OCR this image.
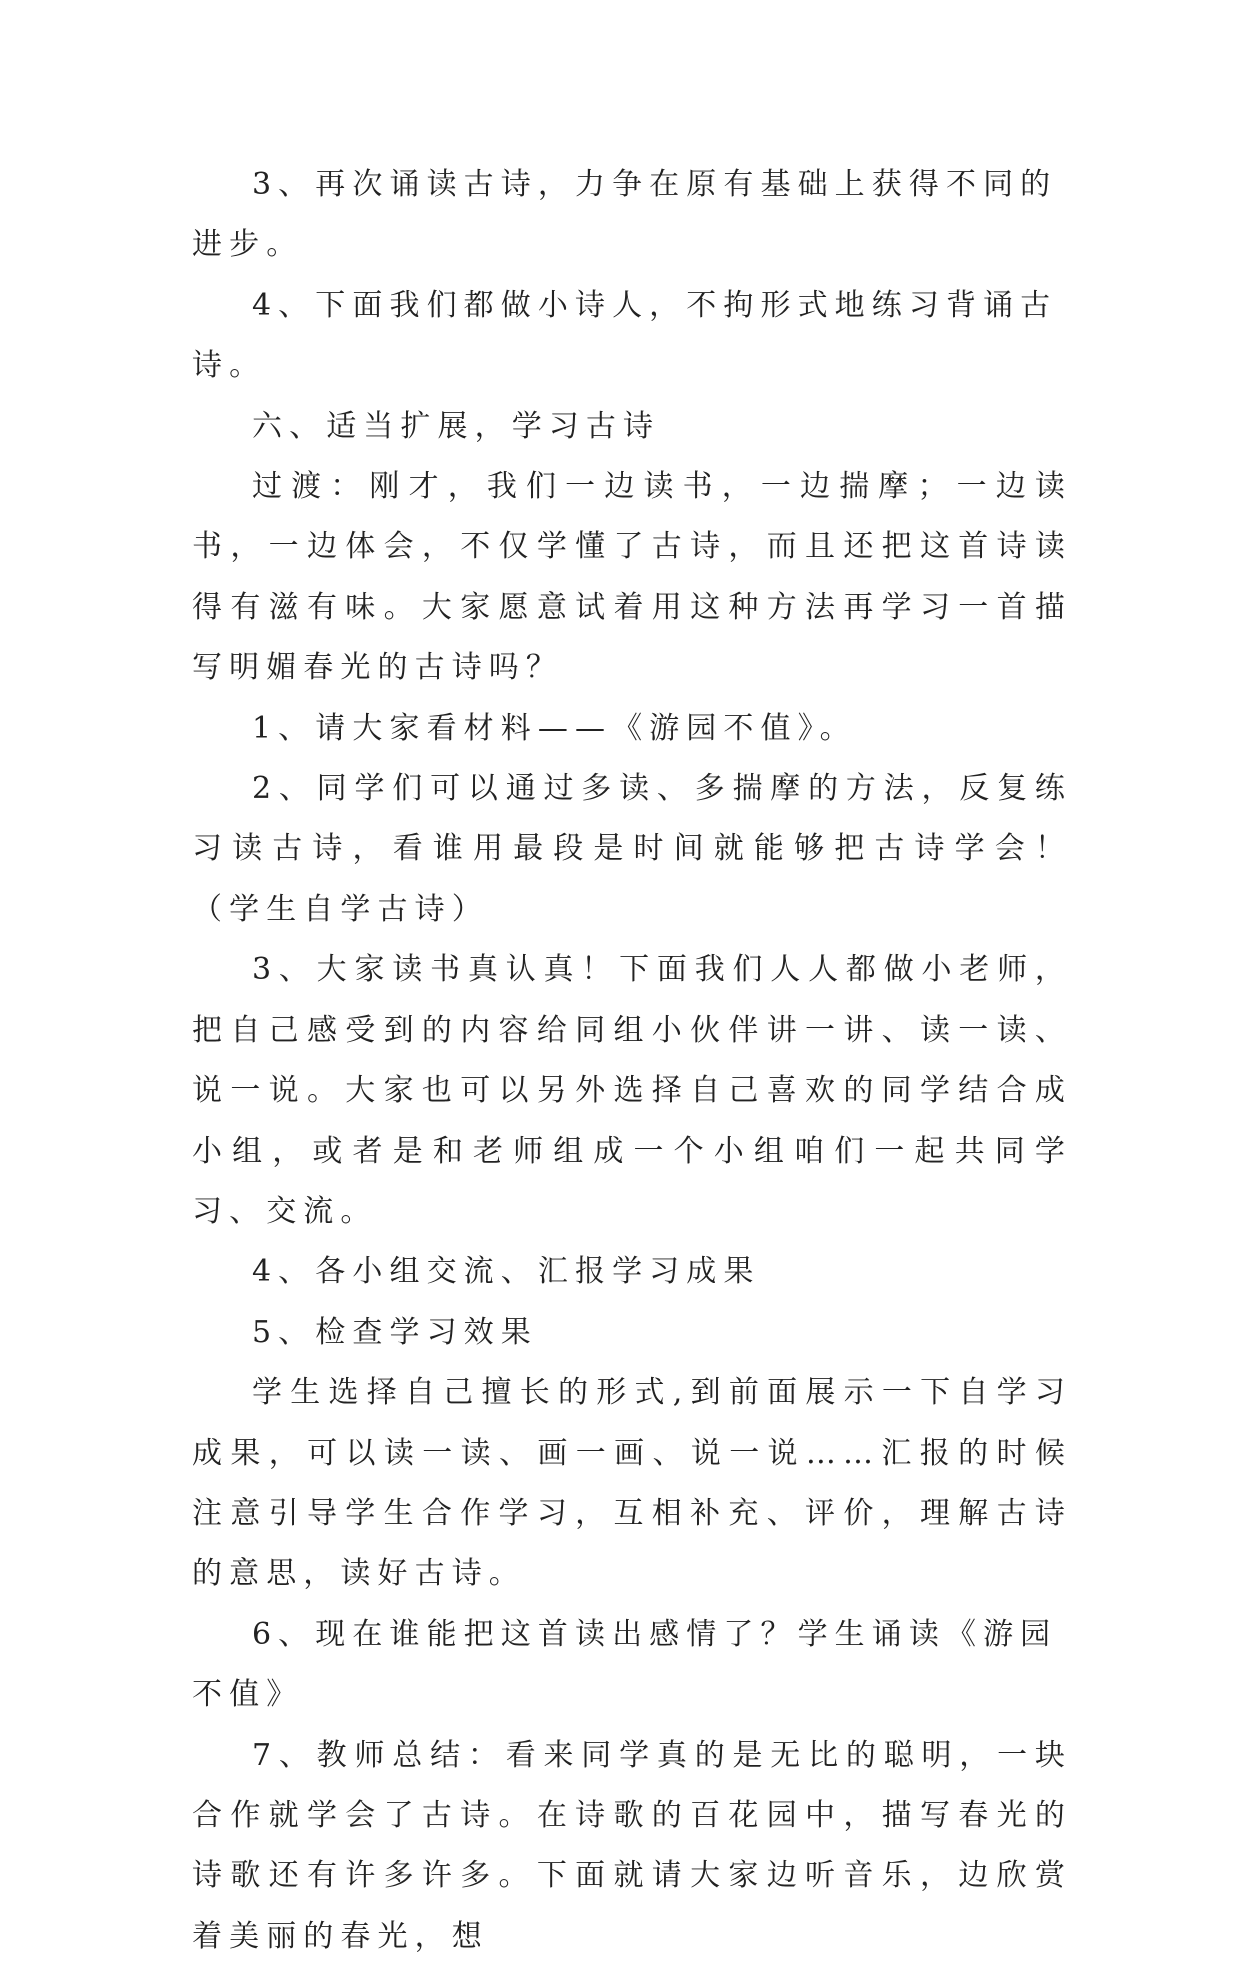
3、再次诵读古诗，力争在原有基础上获得不同的进步。

4、下面我们都做小诗人，不拘形式地练习背诵古诗。

六、适当扩展，学习古诗

过渡：刚才，我们一边读书，一边揣摩；一边读书，一边体会，不仅学懂了古诗，而且还把这首诗读得有滋有味。大家愿意试着用这种方法再学习一首描写明媚春光的古诗吗？

1、请大家看材料——《游园不值》。

2、同学们可以通过多读、多揣摩的方法，反复练习读古诗，看谁用最段是时间就能够把古诗学会！（学生自学古诗）

3、大家读书真认真！下面我们人人都做小老师，把自己感受到的内容给同组小伙伴讲一讲、读一读、说一说。大家也可以另外选择自己喜欢的同学结合成小组，或者是和老师组成一个小组咱们一起共同学习、交流。

4、各小组交流、汇报学习成果

5、检查学习效果

学生选择自己擅长的形式,到前面展示一下自学习成果，可以读一读、画一画、说一说……汇报的时候注意引导学生合作学习，互相补充、评价，理解古诗的意思，读好古诗。

6、现在谁能把这首读出感情了？学生诵读《游园不值》

7、教师总结：看来同学真的是无比的聪明，一块合作就学会了古诗。在诗歌的百花园中，描写春光的诗歌还有许多许多。下面就请大家边听音乐，边欣赏着美丽的春光，想
